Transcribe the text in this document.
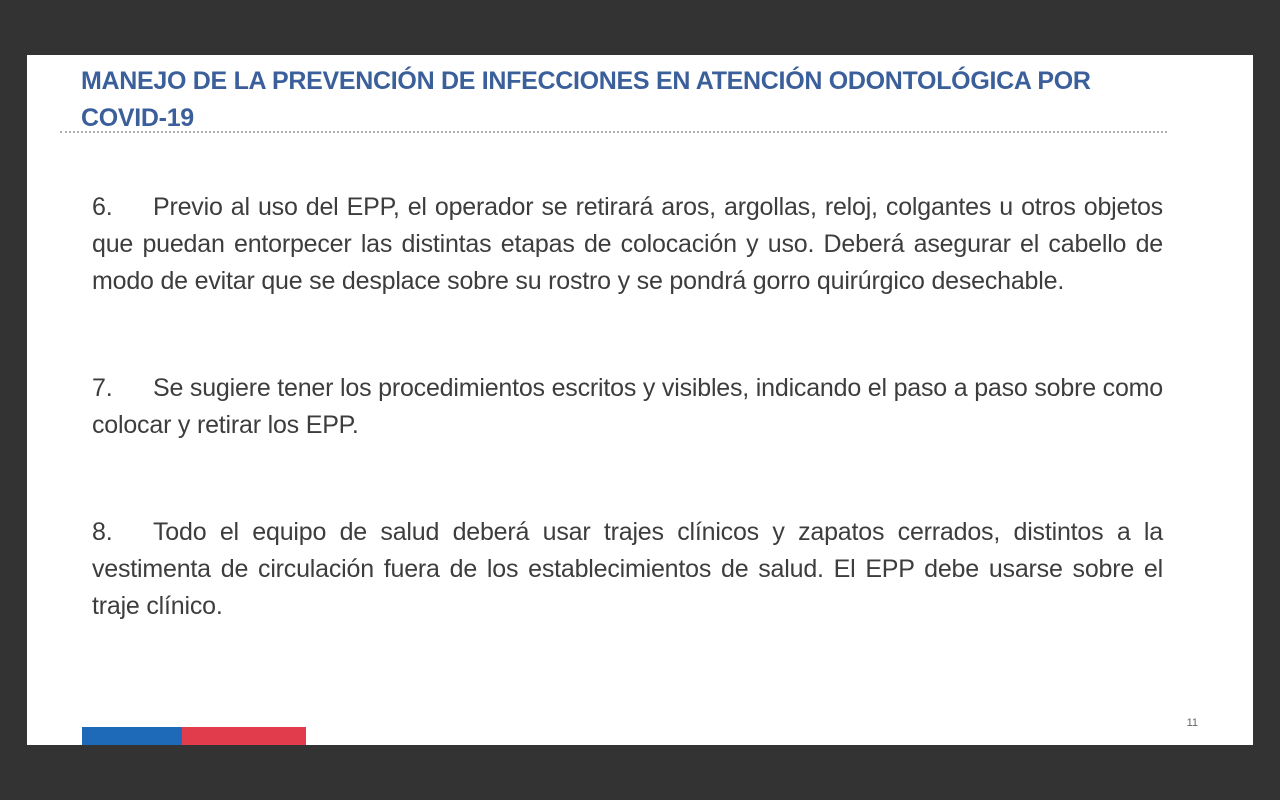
MANEJO DE LA PREVENCIÓN DE INFECCIONES EN ATENCIÓN ODONTOLÓGICA POR COVID-19

6. Previo al uso del EPP, el operador se retirará aros, argollas, reloj, colgantes u otros objetos que puedan entorpecer las distintas etapas de colocación y uso. Deberá asegurar el cabello de modo de evitar que se desplace sobre su rostro y se pondrá gorro quirúrgico desechable.

7. Se sugiere tener los procedimientos escritos y visibles, indicando el paso a paso sobre como colocar y retirar los EPP.

8. Todo el equipo de salud deberá usar trajes clínicos y zapatos cerrados, distintos a la vestimenta de circulación fuera de los establecimientos de salud. El EPP debe usarse sobre el traje clínico.

11
